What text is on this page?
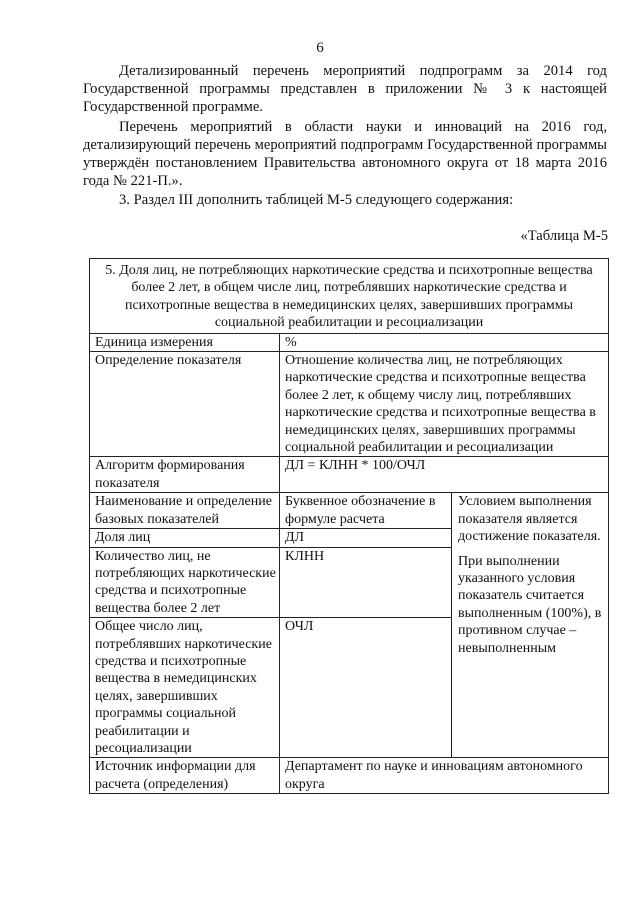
6

Детализированный перечень мероприятий подпрограмм за 2014 год Государственной программы представлен в приложении № 3 к настоящей Государственной программе.

Перечень мероприятий в области науки и инноваций на 2016 год, детализирующий перечень мероприятий подпрограмм Государственной программы утверждён постановлением Правительства автономного округа от 18 марта 2016 года № 221-П.».

3. Раздел III дополнить таблицей М-5 следующего содержания:

«Таблица М-5
5. Доля лиц, не потребляющих наркотические средства и психотропные вещества более 2 лет, в общем числе лиц, потреблявших наркотические средства и психотропные вещества в немедицинских целях, завершивших программы социальной реабилитации и ресоциализации		
Единица измерения	%	
Определение показателя	Отношение количества лиц, не потребляющих наркотические средства и психотропные вещества более 2 лет, к общему числу лиц, потреблявших наркотические средства и психотропные вещества в немедицинских целях, завершивших программы социальной реабилитации и ресоциализации	
Алгоритм формирования показателя	ДЛ = КЛНН * 100/ОЧЛ	
Наименование и определение базовых показателей	Буквенное обозначение в формуле расчета	Условием выполнения показателя является достижение показателя.
При выполнении указанного условия показатель считается выполненным (100%), в противном случае – невыполненным

Доля лиц	ДЛ	
Количество лиц, не потребляющих наркотические средства и психотропные вещества более 2 лет	КЛНН	
Общее число лиц, потреблявших наркотические средства и психотропные вещества в немедицинских целях, завершивших программы социальной реабилитации и ресоциализации	ОЧЛ	
Источник информации для расчета (определения)	Департамент по науке и инновациям автономного округа	
